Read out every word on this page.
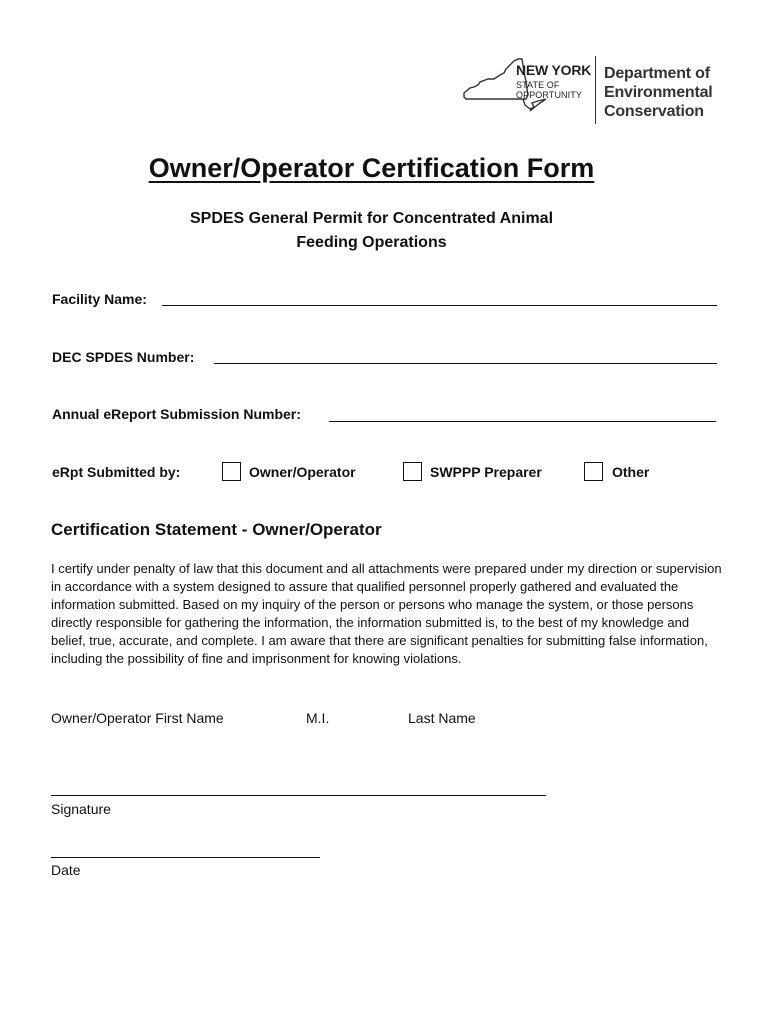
NEW YORK
STATE OF
OPPORTUNITY
Department of
Environmental
Conservation
Owner/Operator Certification Form
SPDES General Permit for Concentrated Animal
Feeding Operations
Facility Name:
DEC SPDES Number:
Annual eReport Submission Number:
eRpt Submitted by:	Owner/Operator	SWPPP Preparer	Other
Certification Statement - Owner/Operator
I certify under penalty of law that this document and all attachments were prepared under my direction or supervision in accordance with a system designed to assure that qualified personnel properly gathered and evaluated the information submitted. Based on my inquiry of the person or persons who manage the system, or those persons directly responsible for gathering the information, the information submitted is, to the best of my knowledge and belief, true, accurate, and complete. I am aware that there are significant penalties for submitting false information, including the possibility of fine and imprisonment for knowing violations.
Owner/Operator First Name	M.I.	Last Name
Signature
Date
